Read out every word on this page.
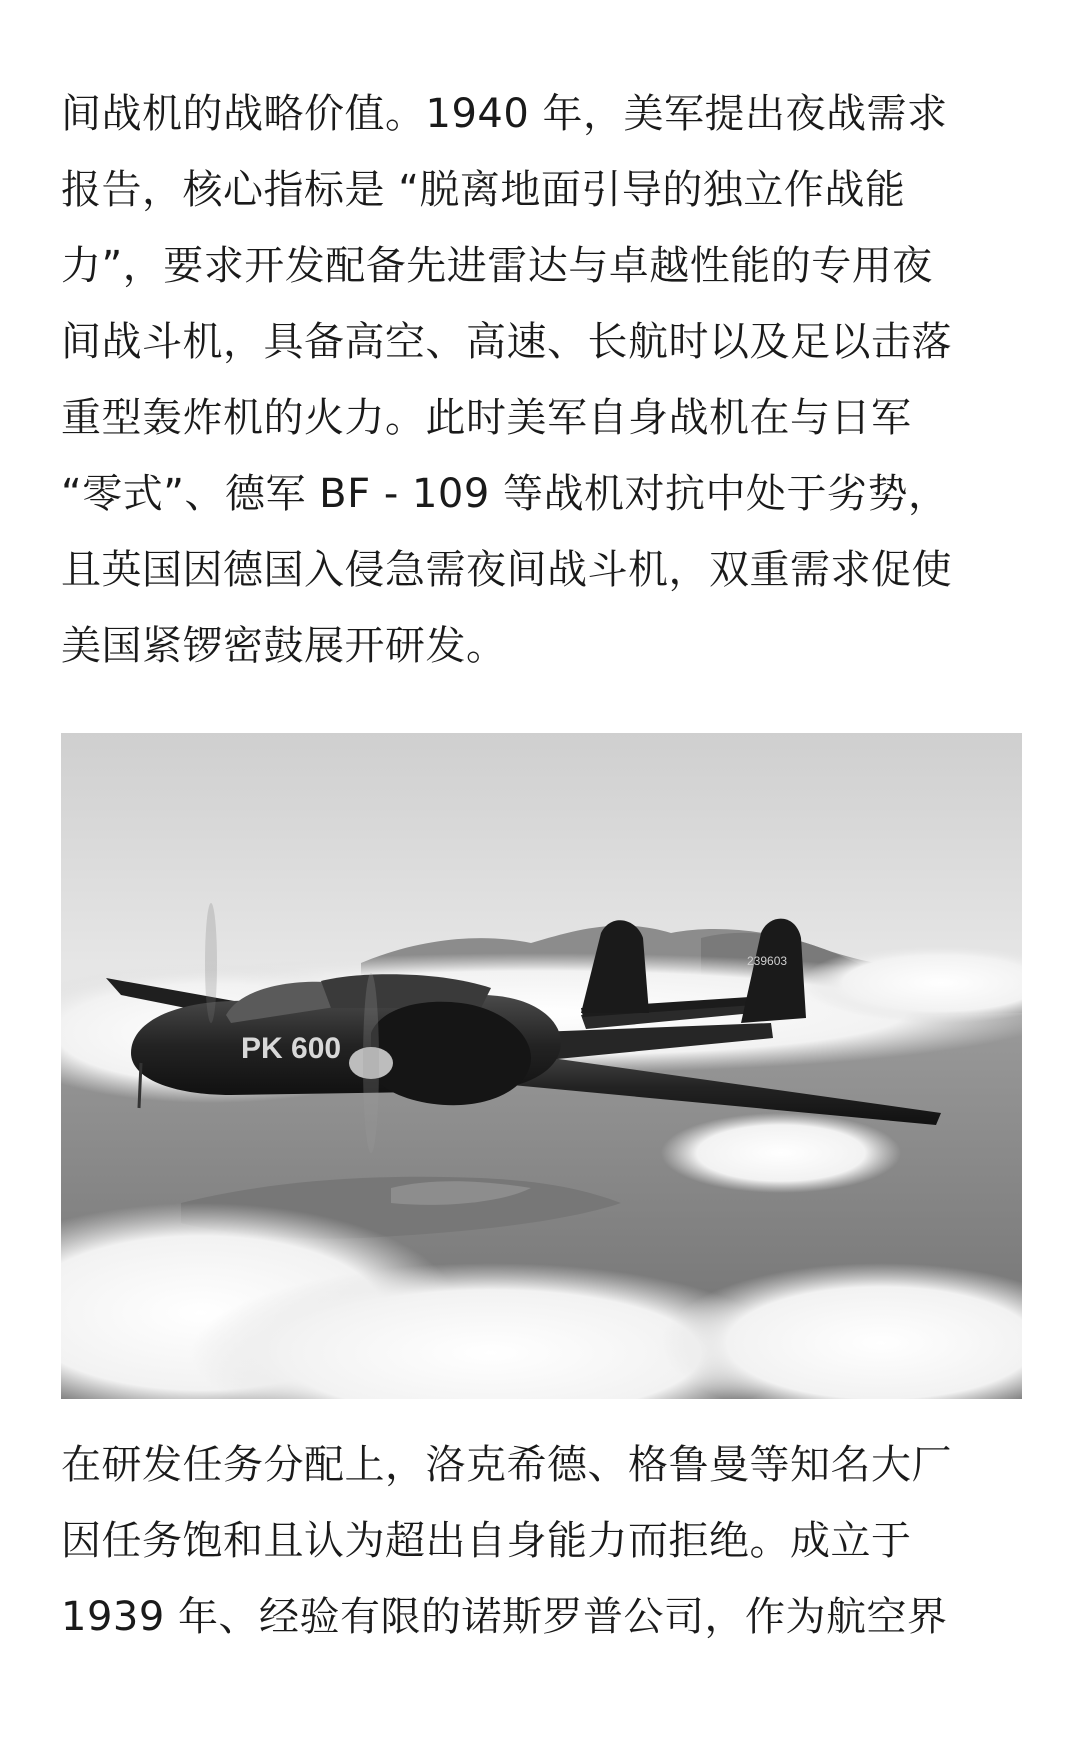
间战机的战略价值。1940 年，美军提出夜战需求
报告，核心指标是 “脱离地面引导的独立作战能
力”，要求开发配备先进雷达与卓越性能的专用夜
间战斗机，具备高空、高速、长航时以及足以击落
重型轰炸机的火力。此时美军自身战机在与日军
“零式”、德军 BF - 109 等战机对抗中处于劣势，
且英国因德国入侵急需夜间战斗机，双重需求促使
美国紧锣密鼓展开研发。

PK 600
239603

在研发任务分配上，洛克希德、格鲁曼等知名大厂
因任务饱和且认为超出自身能力而拒绝。成立于
1939 年、经验有限的诺斯罗普公司，作为航空界
